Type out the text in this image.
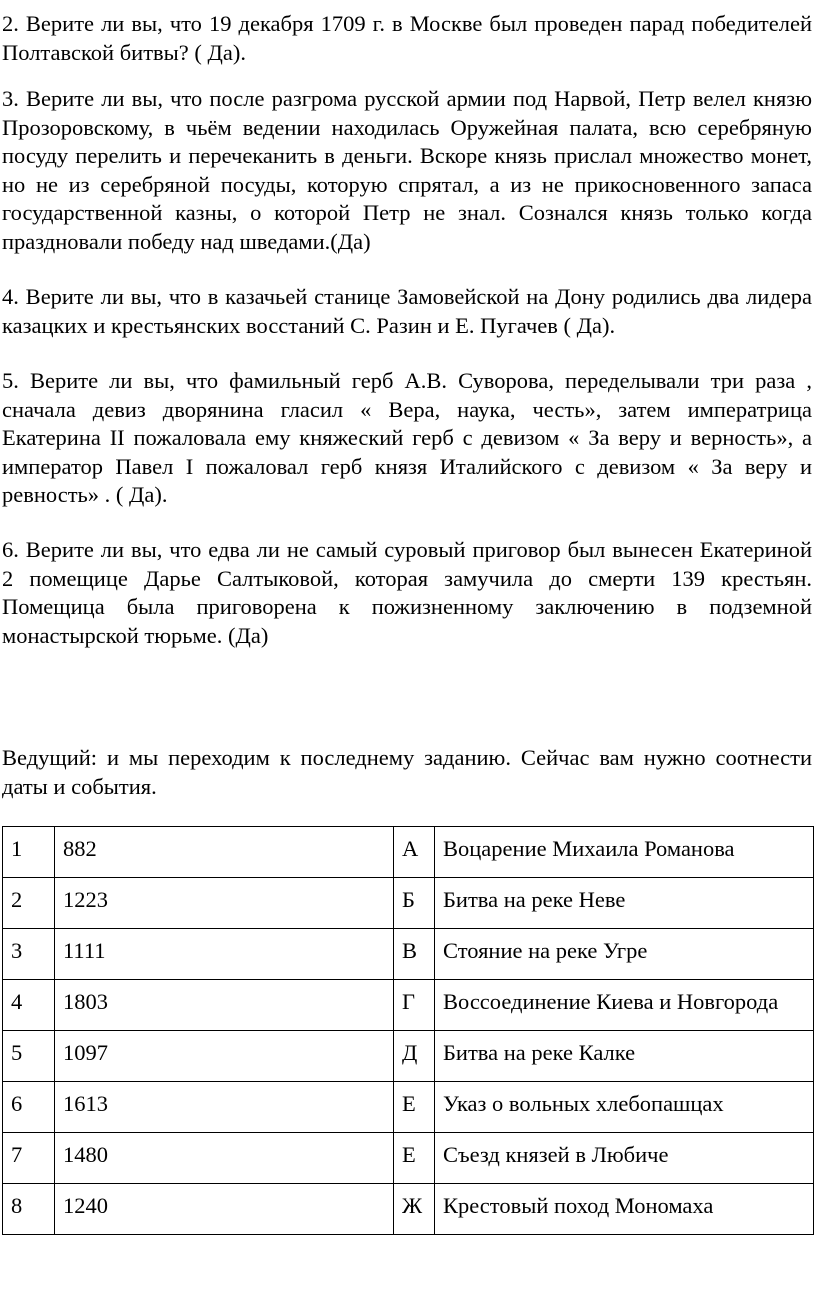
2. Верите ли вы, что 19 декабря 1709 г. в Москве был проведен парад победителей Полтавской битвы? ( Да).

3. Верите ли вы, что после разгрома русской армии под Нарвой, Петр велел князю Прозоровскому, в чьём ведении находилась Оружейная палата, всю серебряную посуду перелить и перечеканить в деньги. Вскоре князь прислал множество монет, но не из серебряной посуды, которую спрятал, а из не прикосновенного запаса государственной казны, о которой Петр не знал. Сознался князь только когда праздновали победу над шведами.(Да)

4. Верите ли вы, что в казачьей станице Замовейской на Дону родились два лидера казацких и крестьянских восстаний С. Разин и Е. Пугачев ( Да).

5. Верите ли вы, что фамильный герб А.В. Суворова, переделывали три раза , сначала девиз дворянина гласил « Вера, наука, честь», затем императрица Екатерина II пожаловала ему княжеский герб с девизом « За веру и верность», а император Павел I пожаловал герб князя Италийского с девизом « За веру и ревность» . ( Да).

6. Верите ли вы, что едва ли не самый суровый приговор был вынесен Екатериной 2 помещице Дарье Салтыковой, которая замучила до смерти 139 крестьян. Помещица была приговорена к пожизненному заключению в подземной монастырской тюрьме. (Да)

Ведущий: и мы переходим к последнему заданию. Сейчас вам нужно соотнести даты и события.

1	882	А	Воцарение Михаила Романова
2	1223	Б	Битва на реке Неве
3	1111	В	Стояние на реке Угре
4	1803	Г	Воссоединение Киева и Новгорода
5	1097	Д	Битва на реке Калке
6	1613	Е	Указ о вольных хлебопашцах
7	1480	Е	Съезд князей в Любиче
8	1240	Ж	Крестовый поход Мономаха
